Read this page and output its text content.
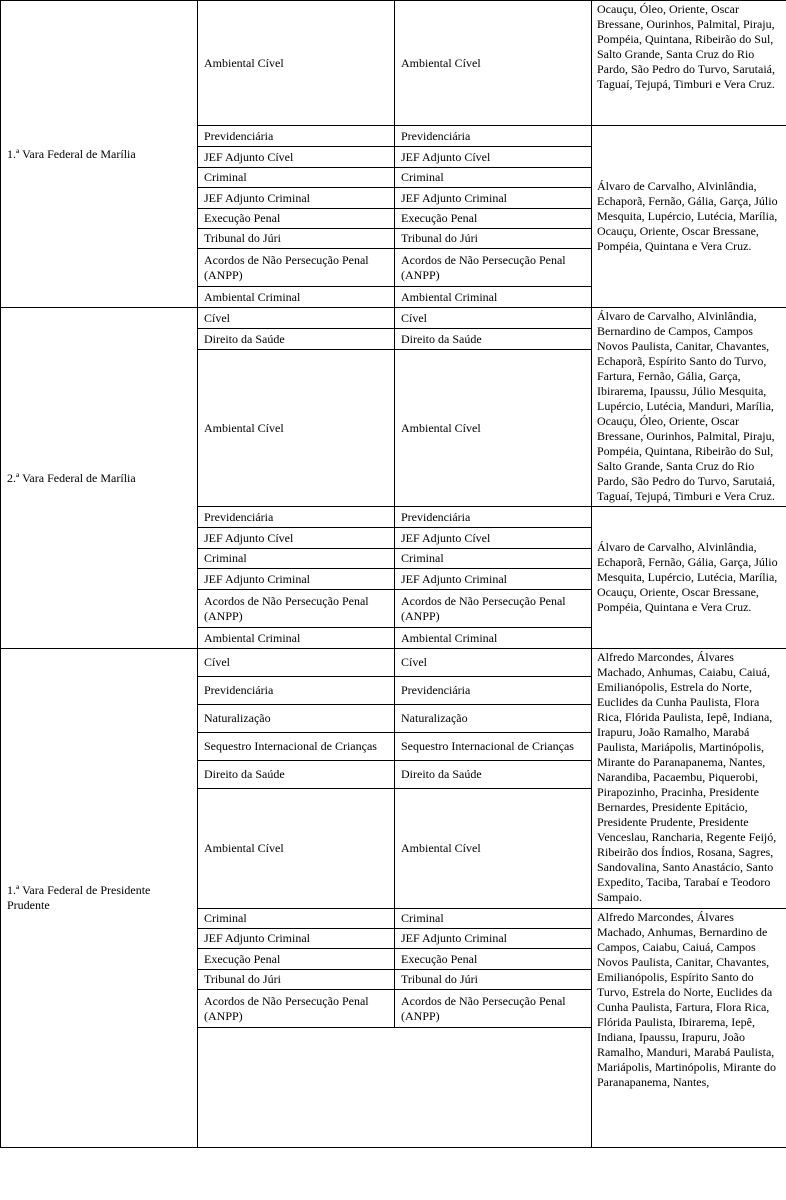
1.ª Vara Federal de Marília	Ambiental Cível	Ambiental Cível	Ocauçu, Óleo, Oriente, Oscar Bressane, Ourinhos, Palmital, Piraju, Pompéia, Quintana, Ribeirão do Sul, Salto Grande, Santa Cruz do Rio Pardo, São Pedro do Turvo, Sarutaiá, Taguaí, Tejupá, Timburi e Vera Cruz.
	Previdenciária	Previdenciária	Álvaro de Carvalho, Alvinlândia, Echaporã, Fernão, Gália, Garça, Júlio Mesquita, Lupércio, Lutécia, Marília, Ocauçu, Oriente, Oscar Bressane, Pompéia, Quintana e Vera Cruz.
	JEF Adjunto Cível	JEF Adjunto Cível	
	Criminal	Criminal	
	JEF Adjunto Criminal	JEF Adjunto Criminal	
	Execução Penal	Execução Penal	
	Tribunal do Júri	Tribunal do Júri	
	Acordos de Não Persecução Penal (ANPP)	Acordos de Não Persecução Penal (ANPP)	
	Ambiental Criminal	Ambiental Criminal	
2.ª Vara Federal de Marília	Cível	Cível	Álvaro de Carvalho, Alvinlândia, Bernardino de Campos, Campos Novos Paulista, Canitar, Chavantes, Echaporã, Espírito Santo do Turvo, Fartura, Fernão, Gália, Garça, Ibirarema, Ipaussu, Júlio Mesquita, Lupércio, Lutécia, Manduri, Marília, Ocauçu, Óleo, Oriente, Oscar Bressane, Ourinhos, Palmital, Piraju, Pompéia, Quintana, Ribeirão do Sul, Salto Grande, Santa Cruz do Rio Pardo, São Pedro do Turvo, Sarutaiá, Taguaí, Tejupá, Timburi e Vera Cruz.
	Direito da Saúde	Direito da Saúde	
	Ambiental Cível	Ambiental Cível	
	Previdenciária	Previdenciária	Álvaro de Carvalho, Alvinlândia, Echaporã, Fernão, Gália, Garça, Júlio Mesquita, Lupércio, Lutécia, Marília, Ocauçu, Oriente, Oscar Bressane, Pompéia, Quintana e Vera Cruz.
	JEF Adjunto Cível	JEF Adjunto Cível	
	Criminal	Criminal	
	JEF Adjunto Criminal	JEF Adjunto Criminal	
	Acordos de Não Persecução Penal (ANPP)	Acordos de Não Persecução Penal (ANPP)	
	Ambiental Criminal	Ambiental Criminal	
1.ª Vara Federal de Presidente Prudente	Cível	Cível	Alfredo Marcondes, Álvares Machado, Anhumas, Caiabu, Caiuá, Emilianópolis, Estrela do Norte, Euclides da Cunha Paulista, Flora Rica, Flórida Paulista, Iepê, Indiana, Irapuru, João Ramalho, Marabá Paulista, Mariápolis, Martinópolis, Mirante do Paranapanema, Nantes, Narandiba, Pacaembu, Piquerobi, Pirapozinho, Pracinha, Presidente Bernardes, Presidente Epitácio, Presidente Prudente, Presidente Venceslau, Rancharia, Regente Feijó, Ribeirão dos Índios, Rosana, Sagres, Sandovalina, Santo Anastácio, Santo Expedito, Taciba, Tarabaí e Teodoro Sampaio.
	Previdenciária	Previdenciária	
	Naturalização	Naturalização	
	Sequestro Internacional de Crianças	Sequestro Internacional de Crianças	
	Direito da Saúde	Direito da Saúde	
	Ambiental Cível	Ambiental Cível	
	Criminal	Criminal	Alfredo Marcondes, Álvares Machado, Anhumas, Bernardino de Campos, Caiabu, Caiuá, Campos Novos Paulista, Canitar, Chavantes, Emilianópolis, Espírito Santo do Turvo, Estrela do Norte, Euclides da Cunha Paulista, Fartura, Flora Rica, Flórida Paulista, Ibirarema, Iepê, Indiana, Ipaussu, Irapuru, João Ramalho, Manduri, Marabá Paulista, Mariápolis, Martinópolis, Mirante do Paranapanema, Nantes,
	JEF Adjunto Criminal	JEF Adjunto Criminal	
	Execução Penal	Execução Penal	
	Tribunal do Júri	Tribunal do Júri	
	Acordos de Não Persecução Penal (ANPP)	Acordos de Não Persecução Penal (ANPP)	
